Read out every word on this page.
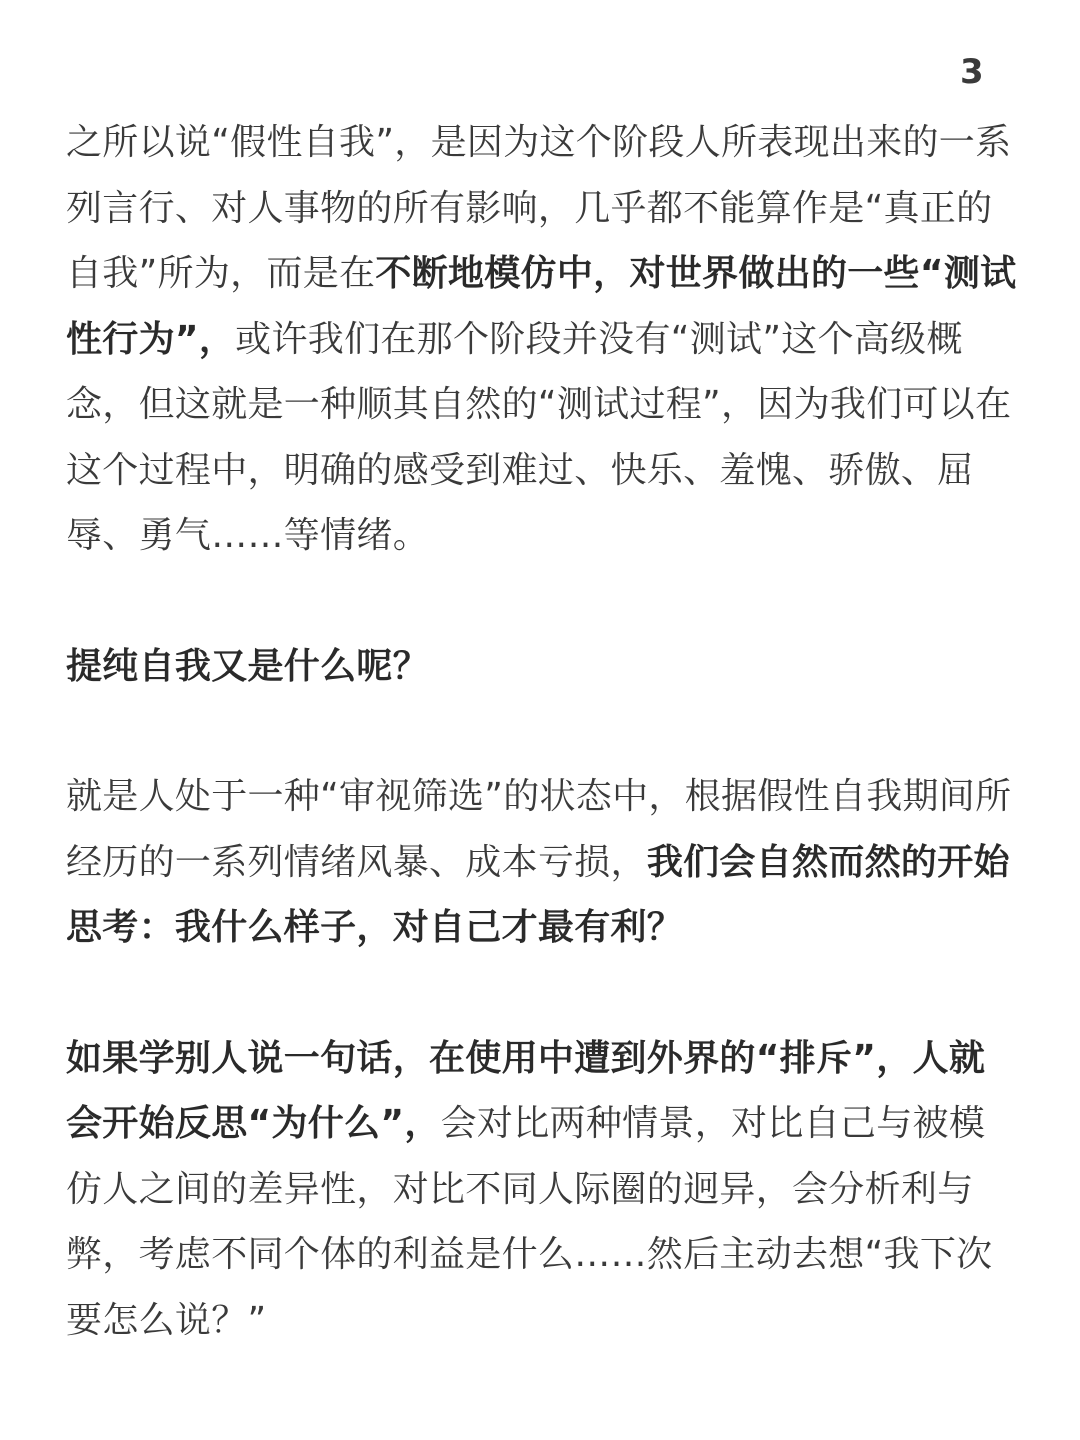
3

之所以说“假性自我”，是因为这个阶段人所表现出来的一系列言行、对人事物的所有影响，几乎都不能算作是“真正的自我”所为，而是在不断地模仿中，对世界做出的一些“测试性行为”，或许我们在那个阶段并没有“测试”这个高级概念，但这就是一种顺其自然的“测试过程”，因为我们可以在这个过程中，明确的感受到难过、快乐、羞愧、骄傲、屈辱、勇气……等情绪。

提纯自我又是什么呢？

就是人处于一种“审视筛选”的状态中，根据假性自我期间所经历的一系列情绪风暴、成本亏损，我们会自然而然的开始思考：我什么样子，对自己才最有利？

如果学别人说一句话，在使用中遭到外界的“排斥”，人就会开始反思“为什么”，会对比两种情景，对比自己与被模仿人之间的差异性，对比不同人际圈的迥异，会分析利与弊，考虑不同个体的利益是什么……然后主动去想“我下次要怎么说？”
